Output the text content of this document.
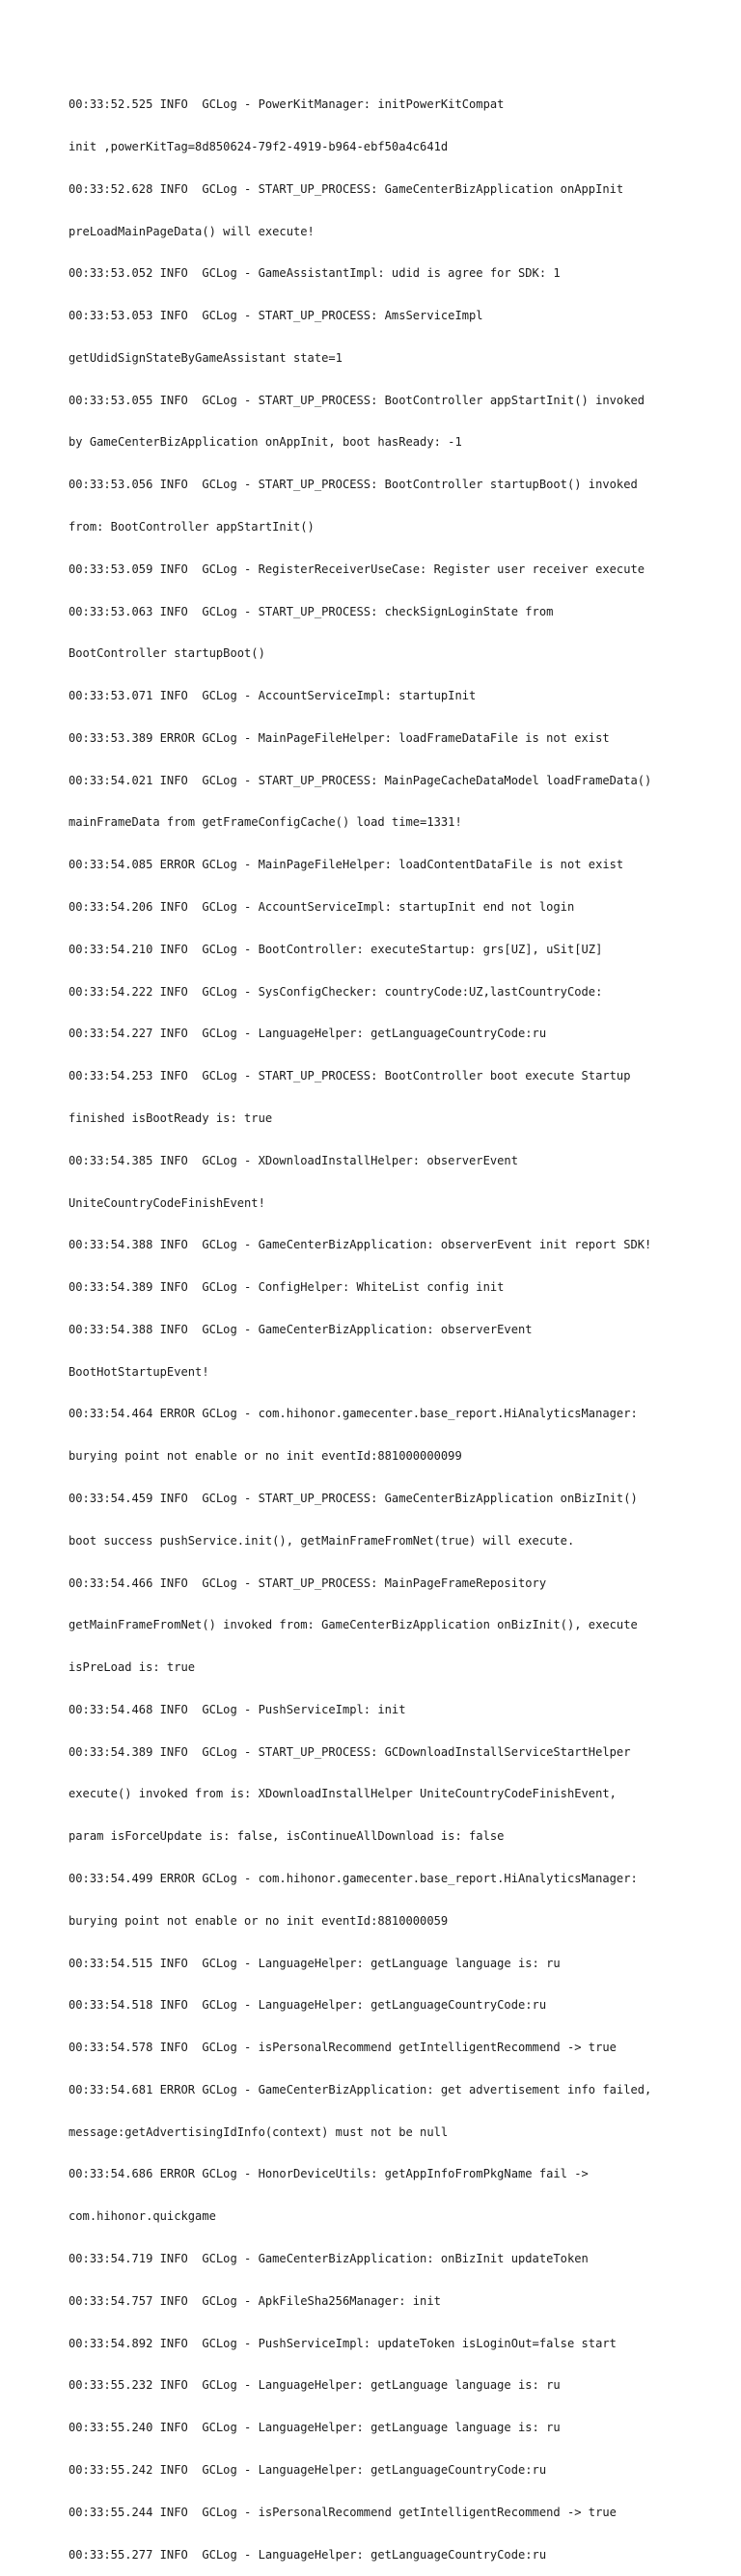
00:33:52.525 INFO  GCLog - PowerKitManager: initPowerKitCompat

init ,powerKitTag=8d850624-79f2-4919-b964-ebf50a4c641d

00:33:52.628 INFO  GCLog - START_UP_PROCESS: GameCenterBizApplication onAppInit

preLoadMainPageData() will execute!

00:33:53.052 INFO  GCLog - GameAssistantImpl: udid is agree for SDK: 1

00:33:53.053 INFO  GCLog - START_UP_PROCESS: AmsServiceImpl

getUdidSignStateByGameAssistant state=1

00:33:53.055 INFO  GCLog - START_UP_PROCESS: BootController appStartInit() invoked

by GameCenterBizApplication onAppInit, boot hasReady: -1

00:33:53.056 INFO  GCLog - START_UP_PROCESS: BootController startupBoot() invoked

from: BootController appStartInit()

00:33:53.059 INFO  GCLog - RegisterReceiverUseCase: Register user receiver execute

00:33:53.063 INFO  GCLog - START_UP_PROCESS: checkSignLoginState from

BootController startupBoot()

00:33:53.071 INFO  GCLog - AccountServiceImpl: startupInit

00:33:53.389 ERROR GCLog - MainPageFileHelper: loadFrameDataFile is not exist

00:33:54.021 INFO  GCLog - START_UP_PROCESS: MainPageCacheDataModel loadFrameData()

mainFrameData from getFrameConfigCache() load time=1331!

00:33:54.085 ERROR GCLog - MainPageFileHelper: loadContentDataFile is not exist

00:33:54.206 INFO  GCLog - AccountServiceImpl: startupInit end not login

00:33:54.210 INFO  GCLog - BootController: executeStartup: grs[UZ], uSit[UZ]

00:33:54.222 INFO  GCLog - SysConfigChecker: countryCode:UZ,lastCountryCode:

00:33:54.227 INFO  GCLog - LanguageHelper: getLanguageCountryCode:ru

00:33:54.253 INFO  GCLog - START_UP_PROCESS: BootController boot execute Startup

finished isBootReady is: true

00:33:54.385 INFO  GCLog - XDownloadInstallHelper: observerEvent

UniteCountryCodeFinishEvent!

00:33:54.388 INFO  GCLog - GameCenterBizApplication: observerEvent init report SDK!

00:33:54.389 INFO  GCLog - ConfigHelper: WhiteList config init

00:33:54.388 INFO  GCLog - GameCenterBizApplication: observerEvent

BootHotStartupEvent!

00:33:54.464 ERROR GCLog - com.hihonor.gamecenter.base_report.HiAnalyticsManager:

burying point not enable or no init eventId:881000000099

00:33:54.459 INFO  GCLog - START_UP_PROCESS: GameCenterBizApplication onBizInit()

boot success pushService.init(), getMainFrameFromNet(true) will execute.

00:33:54.466 INFO  GCLog - START_UP_PROCESS: MainPageFrameRepository

getMainFrameFromNet() invoked from: GameCenterBizApplication onBizInit(), execute

isPreLoad is: true

00:33:54.468 INFO  GCLog - PushServiceImpl: init

00:33:54.389 INFO  GCLog - START_UP_PROCESS: GCDownloadInstallServiceStartHelper

execute() invoked from is: XDownloadInstallHelper UniteCountryCodeFinishEvent,

param isForceUpdate is: false, isContinueAllDownload is: false

00:33:54.499 ERROR GCLog - com.hihonor.gamecenter.base_report.HiAnalyticsManager:

burying point not enable or no init eventId:8810000059

00:33:54.515 INFO  GCLog - LanguageHelper: getLanguage language is: ru

00:33:54.518 INFO  GCLog - LanguageHelper: getLanguageCountryCode:ru

00:33:54.578 INFO  GCLog - isPersonalRecommend getIntelligentRecommend -> true

00:33:54.681 ERROR GCLog - GameCenterBizApplication: get advertisement info failed,

message:getAdvertisingIdInfo(context) must not be null

00:33:54.686 ERROR GCLog - HonorDeviceUtils: getAppInfoFromPkgName fail ->

com.hihonor.quickgame

00:33:54.719 INFO  GCLog - GameCenterBizApplication: onBizInit updateToken

00:33:54.757 INFO  GCLog - ApkFileSha256Manager: init

00:33:54.892 INFO  GCLog - PushServiceImpl: updateToken isLoginOut=false start

00:33:55.232 INFO  GCLog - LanguageHelper: getLanguage language is: ru

00:33:55.240 INFO  GCLog - LanguageHelper: getLanguage language is: ru

00:33:55.242 INFO  GCLog - LanguageHelper: getLanguageCountryCode:ru

00:33:55.244 INFO  GCLog - isPersonalRecommend getIntelligentRecommend -> true

00:33:55.277 INFO  GCLog - LanguageHelper: getLanguageCountryCode:ru
